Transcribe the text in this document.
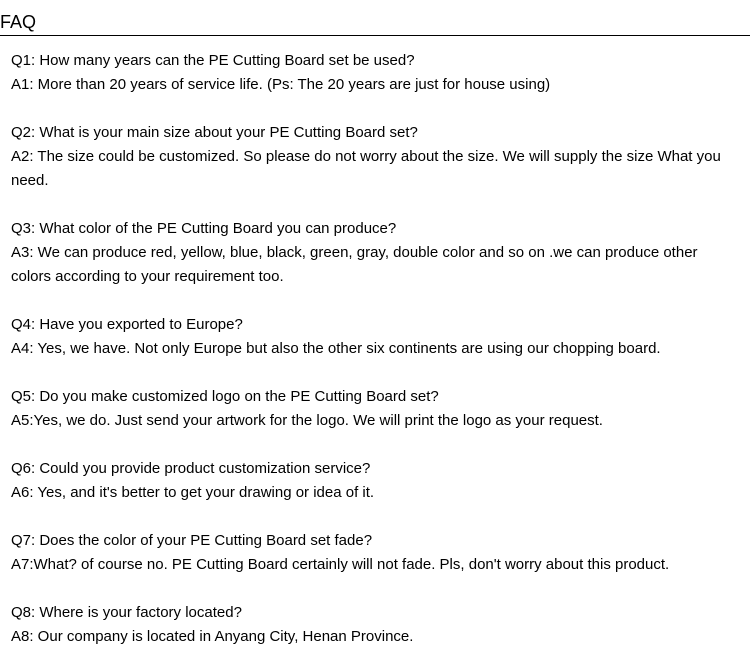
FAQ

Q1: How many years can the PE Cutting Board set be used?

A1: More than 20 years of service life. (Ps: The 20 years are just for house using)

Q2: What is your main size about your PE Cutting Board set?

A2: The size could be customized. So please do not worry about the size. We will supply the size What you need.

Q3: What color of the PE Cutting Board you can produce?

A3: We can produce red, yellow, blue, black, green, gray, double color and so on .we can produce other colors according to your requirement too.

Q4: Have you exported to Europe?

A4: Yes, we have. Not only Europe but also the other six continents are using our chopping board.

Q5: Do you make customized logo on the PE Cutting Board set?

A5:Yes, we do. Just send your artwork for the logo. We will print the logo as your request.

Q6: Could you provide product customization service?

A6: Yes, and it's better to get your drawing or idea of it.

Q7: Does the color of your PE Cutting Board set fade?

A7:What? of course no. PE Cutting Board certainly will not fade. Pls, don't worry about this product.

Q8: Where is your factory located?

A8: Our company is located in Anyang City, Henan Province.
